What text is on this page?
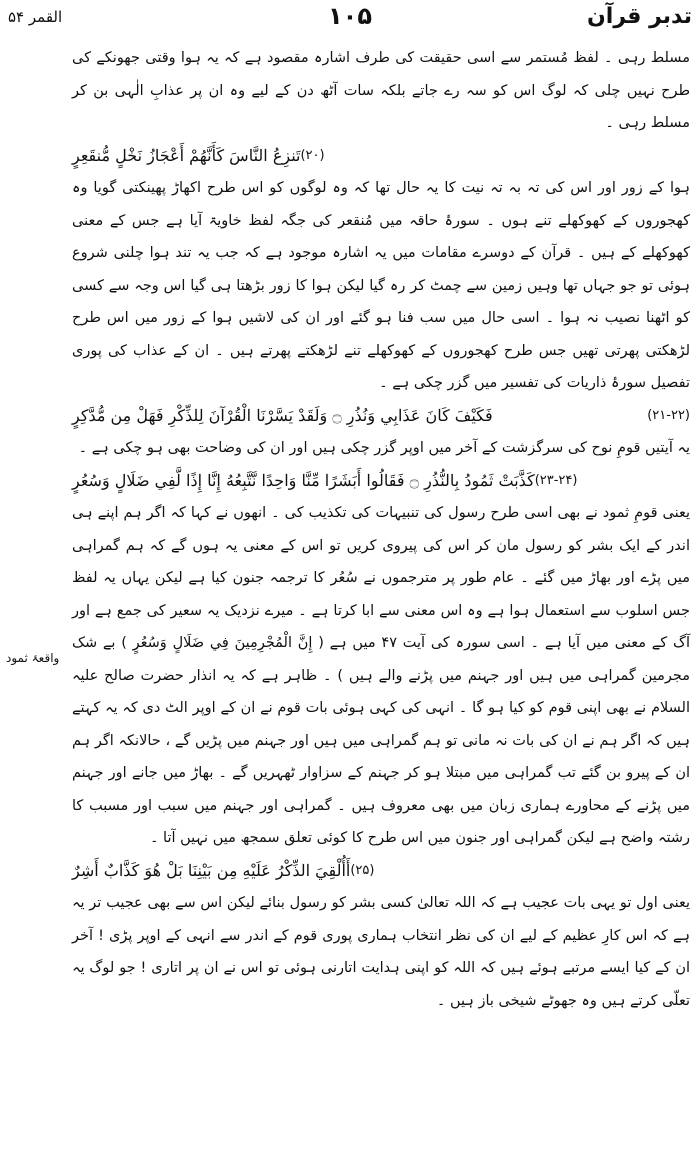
تدبر قرآن
۱۰۵
القمر ۵۴
واقعۂ ثمود

مسلط رہی ۔ لفظ مُستمر سے اسی حقیقت کی طرف اشارہ مقصود ہے کہ یہ ہوا وقتی جھونکے کی طرح نہیں چلی کہ لوگ اس کو سہ رے جاتے بلکہ سات آٹھ دن کے لیے وہ ان پر عذابِ الٰہی بن کر مسلط رہی ۔

تَنزِعُ النَّاسَ كَأَنَّهُمْ أَعْجَازُ نَخْلٍ مُّنقَعِرٍ (۲۰)

ہوا کے زور اور اس کی تہ بہ تہ نیت کا یہ حال تھا کہ وہ لوگوں کو اس طرح اکھاڑ پھینکتی گویا وہ کھجوروں کے کھوکھلے تنے ہوں ۔ سورۂ حاقہ میں مُنقعر کی جگہ لفظ خاویۃ آیا ہے جس کے معنی کھوکھلے کے ہیں ۔ قرآن کے دوسرے مقامات میں یہ اشارہ موجود ہے کہ جب یہ تند ہوا چلنی شروع ہوئی تو جو جہاں تھا وہیں زمین سے چمٹ کر رہ گیا لیکن ہوا کا زور بڑھتا ہی گیا اس وجہ سے کسی کو اٹھنا نصیب نہ ہوا ۔ اسی حال میں سب فنا ہو گئے اور ان کی لاشیں ہوا کے زور میں اس طرح لڑھکتی پھرتی تھیں جس طرح کھجوروں کے کھوکھلے تنے لڑھکتے پھرتے ہیں ۔ ان کے عذاب کی پوری تفصیل سورۂ ذاریات کی تفسیر میں گزر چکی ہے ۔

فَكَيْفَ كَانَ عَذَابِي وَنُذُرِ ۝ وَلَقَدْ يَسَّرْنَا الْقُرْآنَ لِلذِّكْرِ فَهَلْ مِن مُّدَّكِرٍ	(۲۱-۲۲)

یہ آیتیں قومِ نوح کی سرگزشت کے آخر میں اوپر گزر چکی ہیں اور ان کی وضاحت بھی ہو چکی ہے ۔

كَذَّبَتْ ثَمُودُ بِالنُّذُرِ ۝ فَقَالُوا أَبَشَرًا مِّنَّا وَاحِدًا نَّتَّبِعُهُ إِنَّا إِذًا لَّفِي ضَلَالٍ وَسُعُرٍ (۲۳-۲۴)

یعنی قومِ ثمود نے بھی اسی طرح رسول کی تنبیہات کی تکذیب کی ۔ انھوں نے کہا کہ اگر ہم اپنے ہی اندر کے ایک بشر کو رسول مان کر اس کی پیروی کریں تو اس کے معنی یہ ہوں گے کہ ہم گمراہی میں پڑے اور بھاڑ میں گئے ۔ عام طور پر مترجموں نے سُعُر کا ترجمہ جنون کیا ہے لیکن یہاں یہ لفظ جس اسلوب سے استعمال ہوا ہے وہ اس معنی سے ابا کرتا ہے ۔ میرے نزدیک یہ سعیر کی جمع ہے اور آگ کے معنی میں آیا ہے ۔ اسی سورہ کی آیت ۴۷ میں ہے ( إِنَّ الْمُجْرِمِينَ فِي ضَلَالٍ وَسُعُرٍ ) بے شک مجرمین گمراہی میں ہیں اور جہنم میں پڑنے والے ہیں ) ۔ ظاہر ہے کہ یہ انذار حضرت صالح علیہ السلام نے بھی اپنی قوم کو کیا ہو گا ۔ انہی کی کہی ہوئی بات قوم نے ان کے اوپر الٹ دی کہ یہ کہتے ہیں کہ اگر ہم نے ان کی بات نہ مانی تو ہم گمراہی میں ہیں اور جہنم میں پڑیں گے ، حالانکہ اگر ہم ان کے پیرو بن گئے تب گمراہی میں مبتلا ہو کر جہنم کے سزاوار ٹھہریں گے ۔ بھاڑ میں جانے اور جہنم میں پڑنے کے محاورے ہماری زبان میں بھی معروف ہیں ۔ گمراہی اور جہنم میں سبب اور مسبب کا رشتہ واضح ہے لیکن گمراہی اور جنون میں اس طرح کا کوئی تعلق سمجھ میں نہیں آتا ۔

أَأُلْقِيَ الذِّكْرُ عَلَيْهِ مِن بَيْنِنَا بَلْ هُوَ كَذَّابٌ أَشِرٌ (۲۵)

یعنی اول تو یہی بات عجیب ہے کہ اللہ تعالیٰ کسی بشر کو رسول بنائے لیکن اس سے بھی عجیب تر یہ ہے کہ اس کارِ عظیم کے لیے ان کی نظر انتخاب ہماری پوری قوم کے اندر سے انہی کے اوپر پڑی ! آخر ان کے کیا ایسے مرتبے ہوئے ہیں کہ اللہ کو اپنی ہدایت اتارنی ہوئی تو اس نے ان پر اتاری ! جو لوگ یہ تعلّی کرتے ہیں وہ جھوٹے شیخی باز ہیں ۔
